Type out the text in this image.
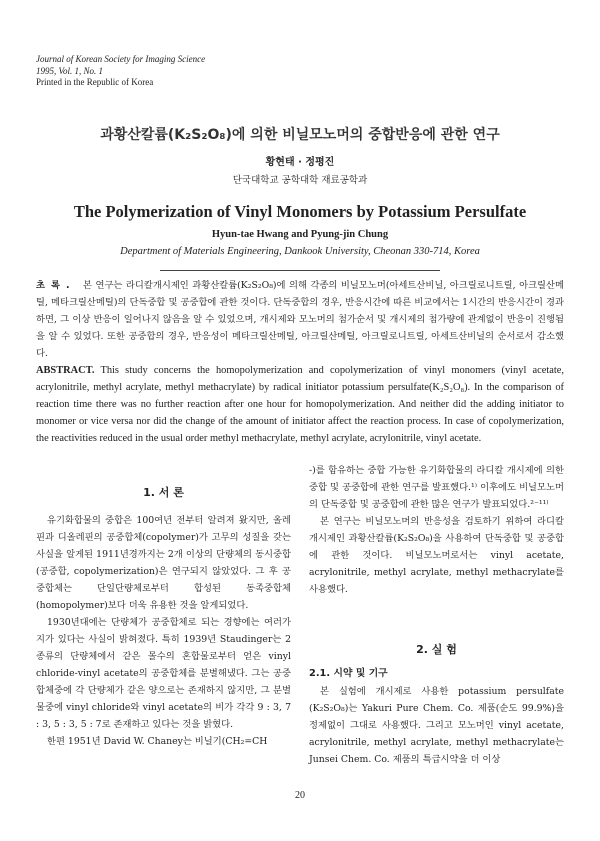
Journal of Korean Society for Imaging Science
1995, Vol. 1, No. 1
Printed in the Republic of Korea
과황산칼륨(K₂S₂O₈)에 의한 비닐모노머의 중합반응에 관한 연구
황현태 · 정평진
단국대학교 공학대학 재료공학과
The Polymerization of Vinyl Monomers by Potassium Persulfate
Hyun-tae Hwang and Pyung-jin Chung
Department of Materials Engineering, Dankook University, Cheonan 330-714, Korea
초록. 본 연구는 라디칼개시제인 과황산칼륨(K₂S₂O₈)에 의해 각종의 비닐모노머(아세트산비닐, 아크릴로니트릴, 아크릴산메틸, 메타크릴산메틸)의 단독중합 및 공중합에 관한 것이다. 단독중합의 경우, 반응시간에 따른 비교에서는 1시간의 반응시간이 경과하면, 그 이상 반응이 일어나지 않음을 알 수 있었으며, 개시제와 모노머의 첨가순서 및 개시제의 첨가량에 관계없이 반응이 진행됨을 알 수 있었다. 또한 공중합의 경우, 반응성이 메타크릴산메틸, 아크릴산메틸, 아크릴로니트릴, 아세트산비닐의 순서로서 감소했다.
ABSTRACT. This study concerns the homopolymerization and copolymerization of vinyl monomers (vinyl acetate, acrylonitrile, methyl acrylate, methyl methacrylate) by radical initiator potassium persulfate(K₂S₂O₈). In the comparison of reaction time there was no further reaction after one hour for homopolymerization. And neither did the adding initiator to monomer or vice versa nor did the change of the amount of initiator affect the reaction process. In case of copolymerization, the reactivities reduced in the usual order methyl methacrylate, methyl acrylate, acrylonitrile, vinyl acetate.
1. 서 론

유기화합물의 중합은 100여년 전부터 알려져 왔지만, 올레핀과 디올레핀의 공중합체(copolymer)가 고무의 성질을 갖는 사실을 알게된 1911년경까지는 2개 이상의 단량체의 동시중합(공중합, copolymerization)은 연구되지 않았었다. 그 후 공중합체는 단일단량체로부터 합성된 동족중합체(homopolymer)보다 더욱 유용한 것을 알게되었다.

1930년대에는 단량체가 공중합체로 되는 경향에는 여러가지가 있다는 사실이 밝혀졌다. 특히 1939년 Staudinger는 2종류의 단량체에서 같은 몰수의 혼합물로부터 얻은 vinyl chloride-vinyl acetate의 공중합체를 분별해냈다. 그는 공중합체중에 각 단량체가 같은 양으로는 존재하지 않지만, 그 분별물중에 vinyl chloride와 vinyl acetate의 비가 각각 9 : 3, 7 : 3, 5 : 3, 5 : 7로 존재하고 있다는 것을 밝혔다.

한편 1951년 David W. Chaney는 비닐기(CH₂=CH

-)를 함유하는 중합 가능한 유기화합물의 라디칼 개시제에 의한 중합 및 공중합에 관한 연구를 발표했다.¹⁾ 이후에도 비닐모노머의 단독중합 및 공중합에 관한 많은 연구가 발표되었다.²⁻¹¹⁾

본 연구는 비닐모노머의 반응성을 검토하기 위하여 라디칼 개시제인 과황산칼륨(K₂S₂O₈)을 사용하여 단독중합 및 공중합에 관한 것이다. 비닐모노머로서는 vinyl acetate, acrylonitrile, methyl acrylate, methyl methacrylate를 사용했다.

2. 실 험
2.1. 시약 및 기구

본 실험에 개시제로 사용한 potassium persulfate (K₂S₂O₈)는 Yakuri Pure Chem. Co. 제품(순도 99.9%)을 정제없이 그대로 사용했다. 그리고 모노머인 vinyl acetate, acrylonitrile, methyl acrylate, methyl methacrylate는 Junsei Chem. Co. 제품의 특급시약을 더 이상

20
